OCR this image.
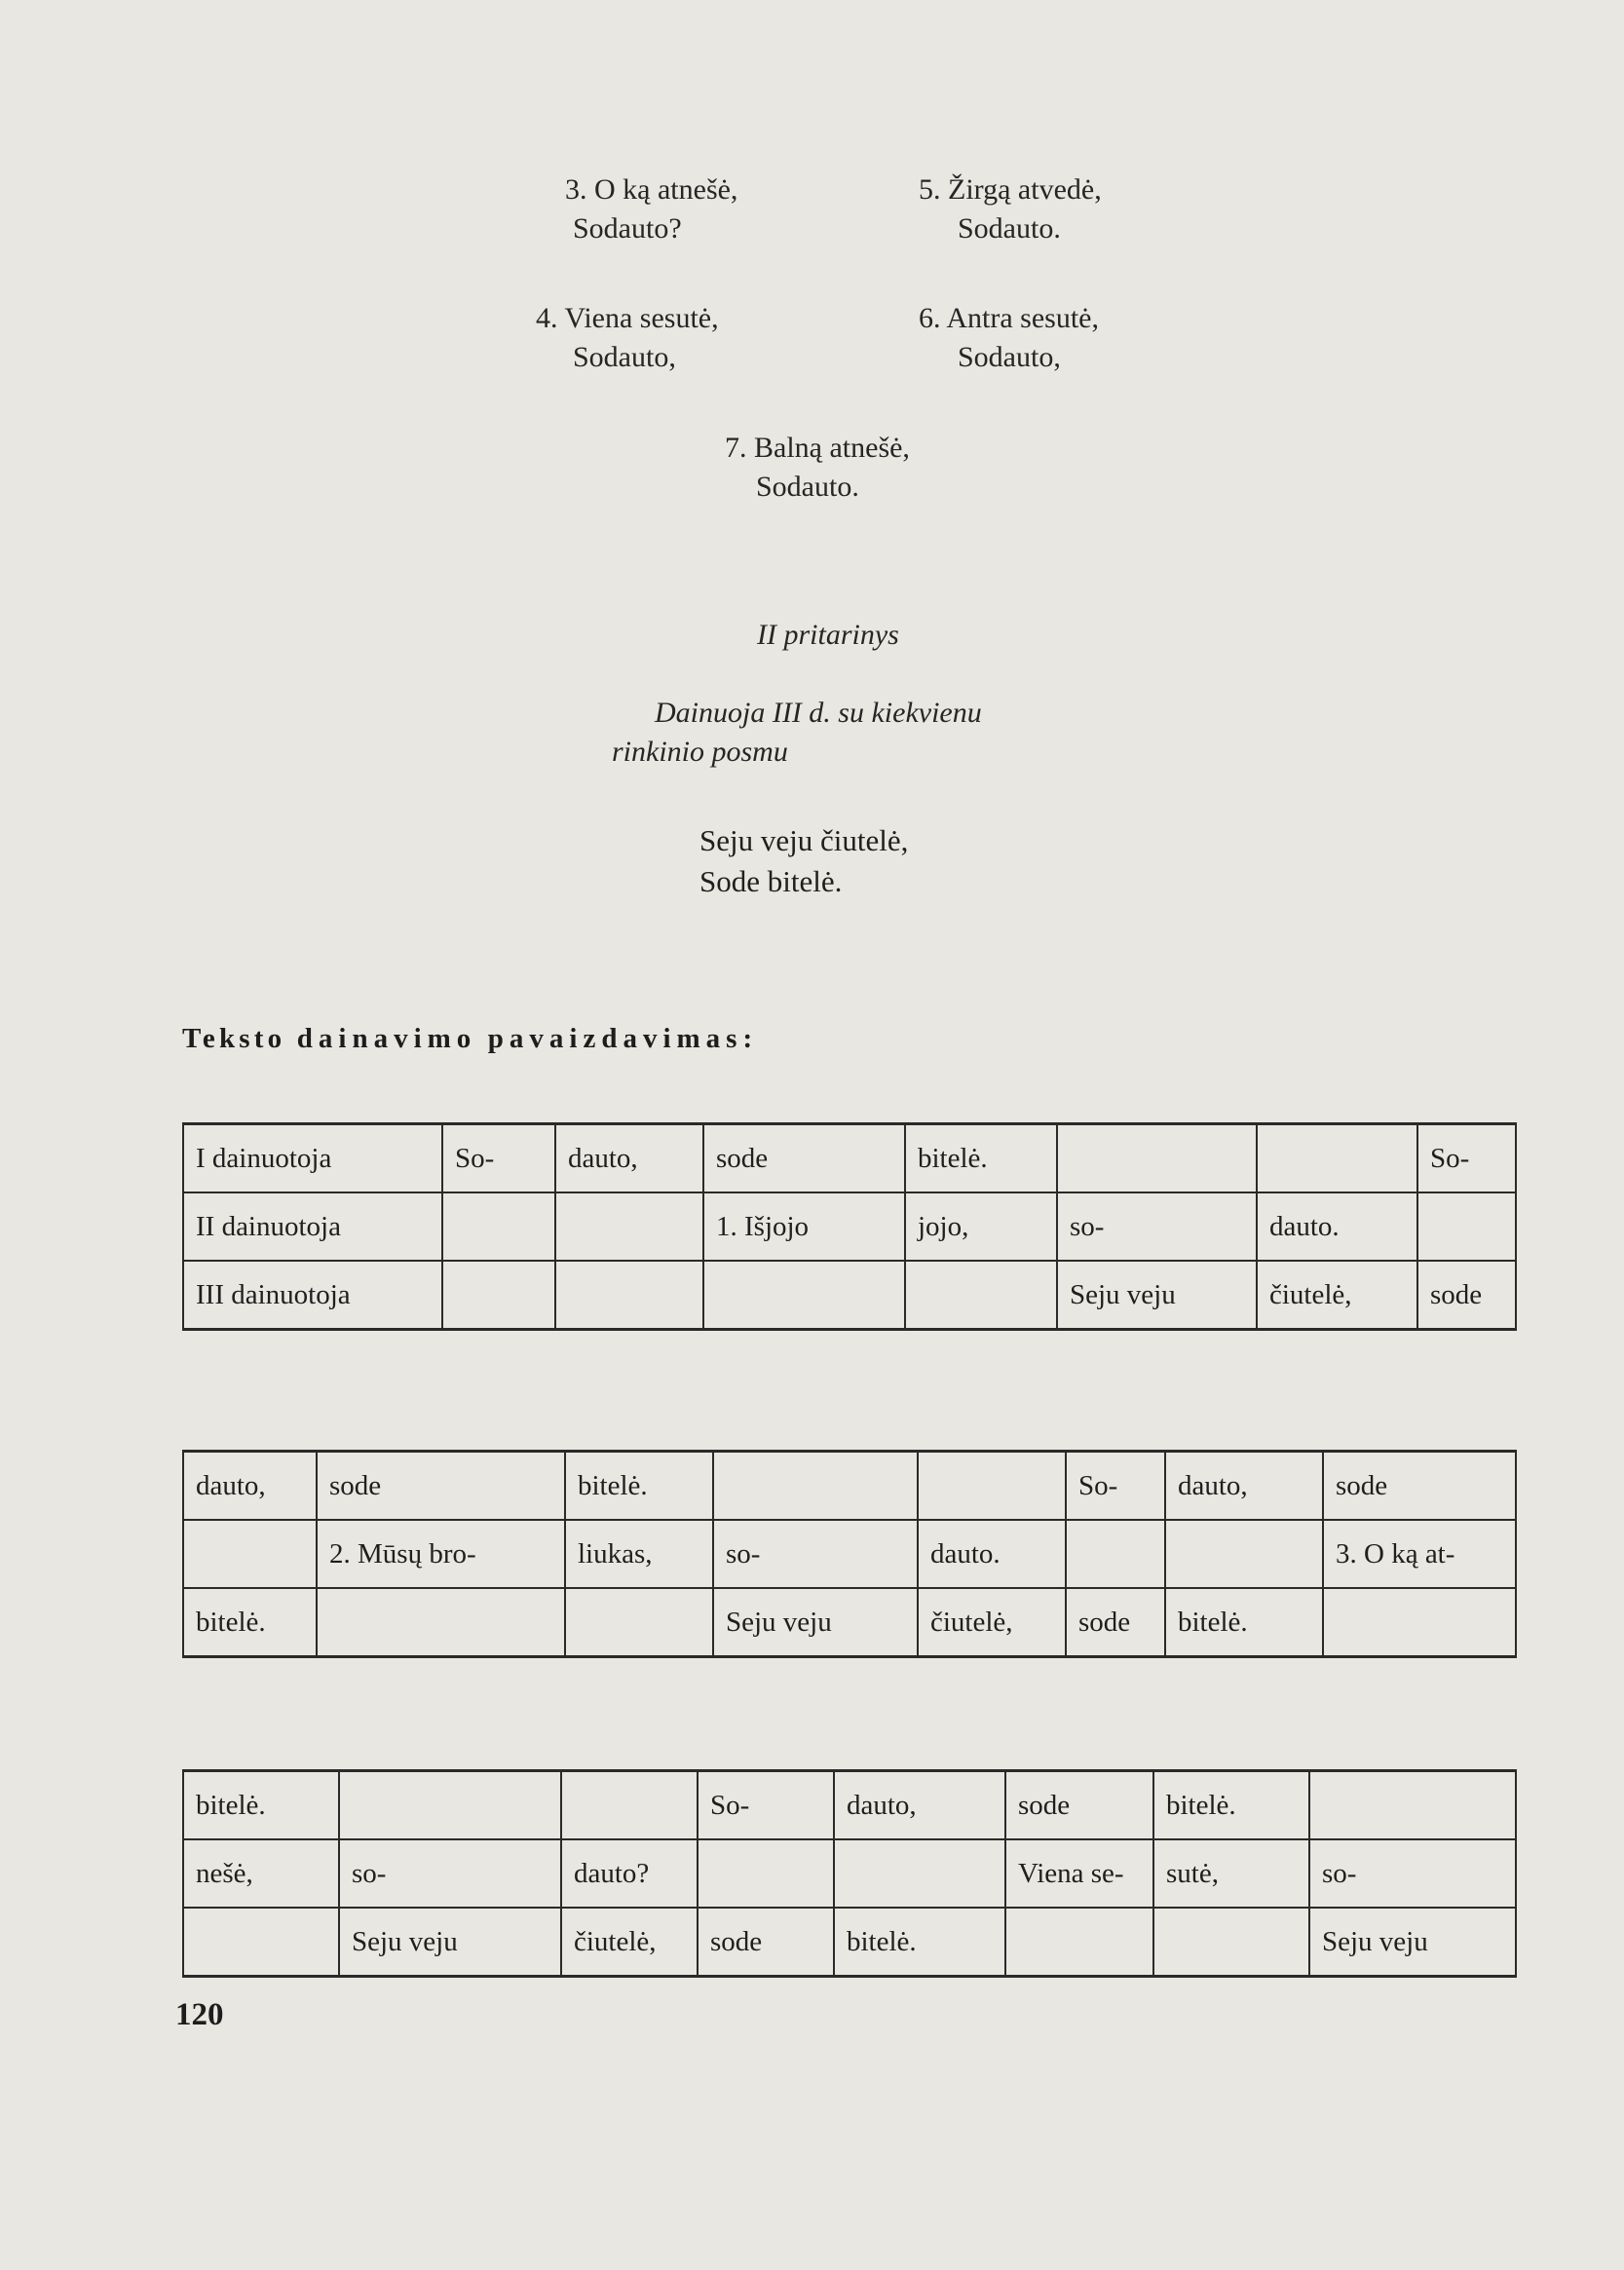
3. O ką atnešė,
Sodauto?
5. Žirgą atvedė,
Sodauto.
4. Viena sesutė,
Sodauto,
6. Antra sesutė,
Sodauto,
7. Balną atnešė,
Sodauto.
II pritarinys
Dainuoja III d. su kiekvienu
rinkinio posmu
Seju veju čiutelė,
Sode bitelė.
Teksto dainavimo pavaizdavimas:
I dainuotoja	So-	dauto,	sode	bitelė.			So-
II dainuotoja			1. Išjojo	jojo,	so-	dauto.	
III dainuotoja					Seju veju	čiutelė,	sode
dauto,	sode	bitelė.			So-	dauto,	sode
	2. Mūsų bro-	liukas,	so-	dauto.			3. O ką at-
bitelė.			Seju veju	čiutelė,	sode	bitelė.	
bitelė.			So-	dauto,	sode	bitelė.	
nešė,	so-	dauto?			Viena se-	sutė,	so-
	Seju veju	čiutelė,	sode	bitelė.			Seju veju
120
